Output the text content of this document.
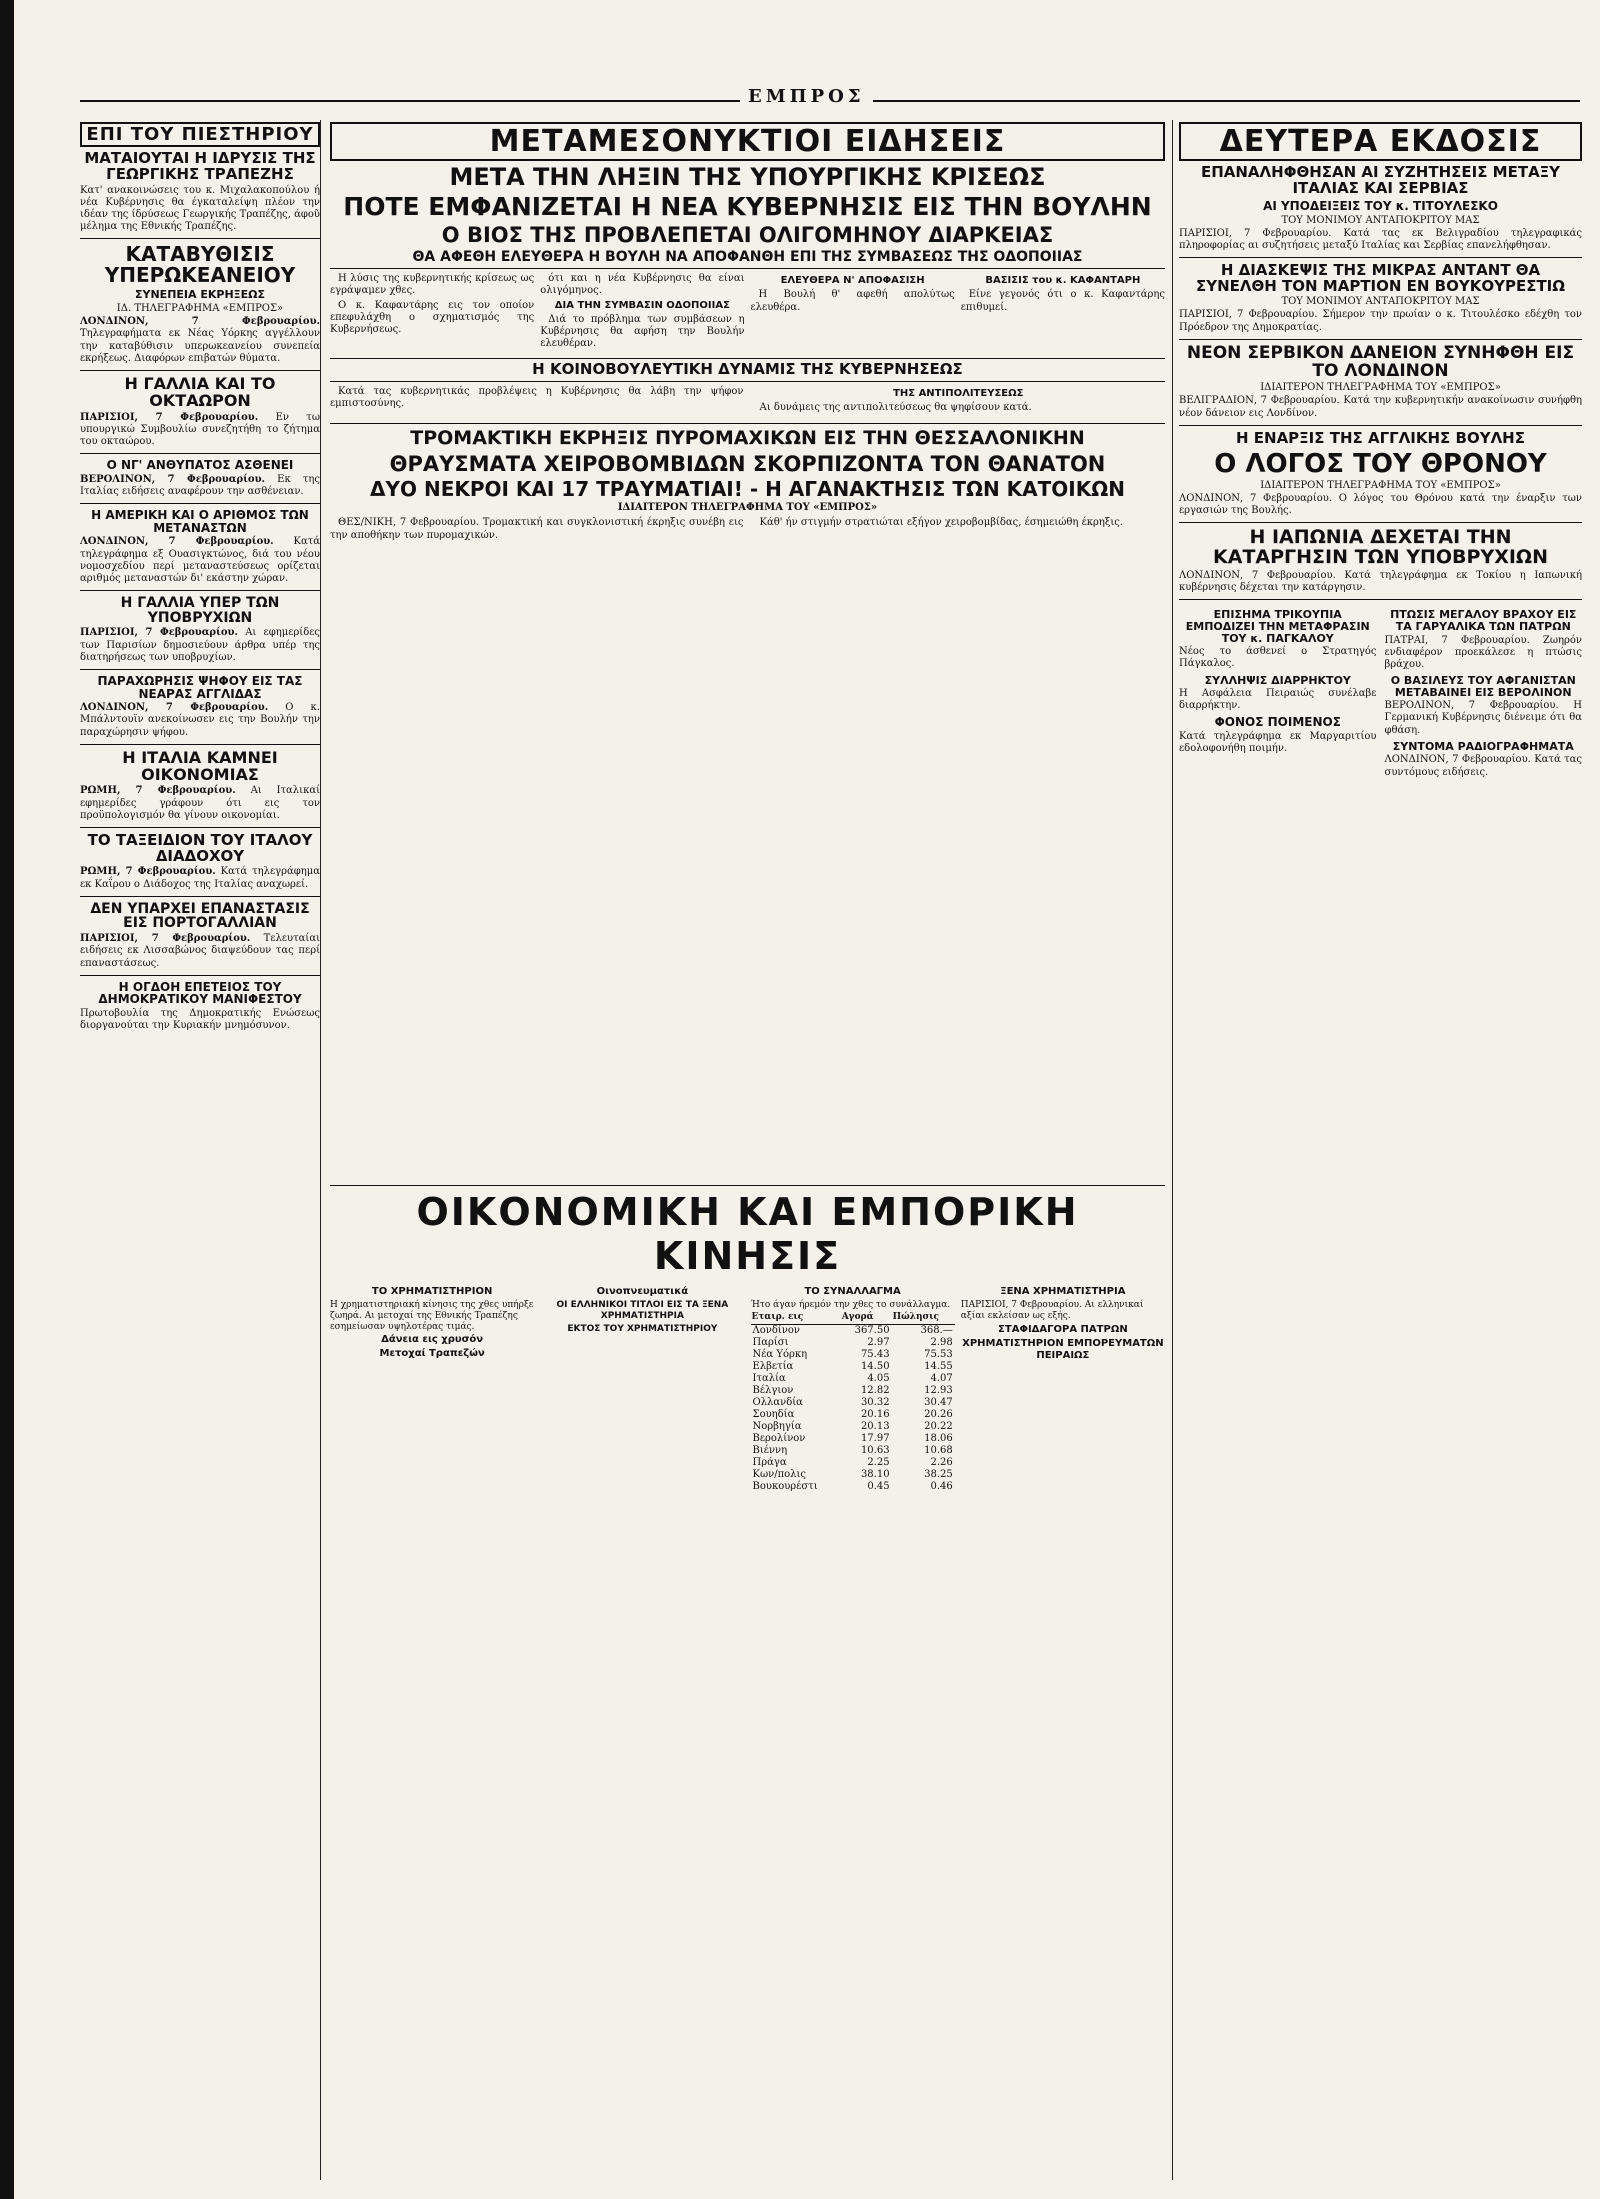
ΕΜΠΡΟΣ
ΕΠΙ ΤΟΥ ΠΙΕΣΤΗΡΙΟΥ
ΜΑΤΑΙΟΥΤΑΙ Η ΙΔΡΥΣΙΣ ΤΗΣ ΓΕΩΡΓΙΚΗΣ ΤΡΑΠΕΖΗΣ
Κατ' ανακοινώσεις του κ. Μιχαλακοπούλου ή νέα Κυβέρνησις θα έγκαταλείψη πλέον την ιδέαν της ίδρύσεως Γεωργικής Τραπέζης, άφοῦ μέλημα της Εθνικής Τραπέζης.
ΚΑΤΑΒΥΘΙΣΙΣ ΥΠΕΡΩΚΕΑΝΕΙΟΥ
ΣΥΝΕΠΕΙΑ ΕΚΡΗΞΕΩΣ
ΙΔ. ΤΗΛΕΓΡΑΦΗΜΑ «ΕΜΠΡΟΣ»
ΛΟΝΔΙΝΟΝ, 7 Φεβρουαρίου. Τηλεγραφήματα εκ Νέας Υόρκης αγγέλλουν την καταβύθισιν υπερωκεανείου συνεπεία εκρήξεως. Διαφόρων επιβατών θύματα.
Η ΓΑΛΛΙΑ ΚΑΙ ΤΟ ΟΚΤΑΩΡΟΝ
ΠΑΡΙΣΙΟΙ, 7 Φεβρουαρίου. Εν τω υπουργικώ Συμβουλίω συνεζητήθη το ζήτημα του οκταώρου.
Ο ΝΓ' ΑΝΘΥΠΑΤΟΣ ΑΣΘΕΝΕΙ
ΒΕΡΟΛΙΝΟΝ, 7 Φεβρουαρίου. Εκ της Ιταλίας ειδήσεις αναφέρουν την ασθένειαν.
Η ΑΜΕΡΙΚΗ ΚΑΙ Ο ΑΡΙΘΜΟΣ ΤΩΝ ΜΕΤΑΝΑΣΤΩΝ
ΛΟΝΔΙΝΟΝ, 7 Φεβρουαρίου. Κατά τηλεγράφημα εξ Ουασιγκτώνος, διά του νέου νομοσχεδίου περί μεταναστεύσεως ορίζεται αριθμός μεταναστών δι' εκάστην χώραν.
Η ΓΑΛΛΙΑ ΥΠΕΡ ΤΩΝ ΥΠΟΒΡΥΧΙΩΝ
ΠΑΡΙΣΙΟΙ, 7 Φεβρουαρίου. Αι εφημερίδες των Παρισίων δημοσιεύουν άρθρα υπέρ της διατηρήσεως των υποβρυχίων.
ΠΑΡΑΧΩΡΗΣΙΣ ΨΗΦΟΥ ΕΙΣ ΤΑΣ ΝΕΑΡΑΣ ΑΓΓΛΙΔΑΣ
ΛΟΝΔΙΝΟΝ, 7 Φεβρουαρίου. Ο κ. Μπάλντουϊν ανεκοίνωσεν εις την Βουλήν την παραχώρησιν ψήφου.
Η ΙΤΑΛΙΑ ΚΑΜΝΕΙ ΟΙΚΟΝΟΜΙΑΣ
ΡΩΜΗ, 7 Φεβρουαρίου. Αι Ιταλικαί εφημερίδες γράφουν ότι εις τον προϋπολογισμόν θα γίνουν οικονομίαι.
ΤΟ ΤΑΞΕΙΔΙΟΝ ΤΟΥ ΙΤΑΛΟΥ ΔΙΑΔΟΧΟΥ
ΡΩΜΗ, 7 Φεβρουαρίου. Κατά τηλεγράφημα εκ Καΐρου ο Διάδοχος της Ιταλίας αναχωρεί.
ΔΕΝ ΥΠΑΡΧΕΙ ΕΠΑΝΑΣΤΑΣΙΣ ΕΙΣ ΠΟΡΤΟΓΑΛΛΙΑΝ
ΠΑΡΙΣΙΟΙ, 7 Φεβρουαρίου. Τελευταίαι ειδήσεις εκ Λισσαβώνος διαψεύδουν τας περί επαναστάσεως.
Η ΟΓΔΟΗ ΕΠΕΤΕΙΟΣ ΤΟΥ ΔΗΜΟΚΡΑΤΙΚΟΥ ΜΑΝΙΦΕΣΤΟΥ
Πρωτοβουλία της Δημοκρατικής Ενώσεως διοργανούται την Κυριακήν μνημόσυνον.
ΜΕΤΑΜΕΣΟΝΥΚΤΙΟΙ ΕΙΔΗΣΕΙΣ
ΜΕΤΑ ΤΗΝ ΛΗΞΙΝ ΤΗΣ ΥΠΟΥΡΓΙΚΗΣ ΚΡΙΣΕΩΣ
ΠΟΤΕ ΕΜΦΑΝΙΖΕΤΑΙ Η ΝΕΑ ΚΥΒΕΡΝΗΣΙΣ ΕΙΣ ΤΗΝ ΒΟΥΛΗΝ
Ο ΒΙΟΣ ΤΗΣ ΠΡΟΒΛΕΠΕΤΑΙ ΟΛΙΓΟΜΗΝΟΥ ΔΙΑΡΚΕΙΑΣ
ΘΑ ΑΦΕΘΗ ΕΛΕΥΘΕΡΑ Η ΒΟΥΛΗ ΝΑ ΑΠΟΦΑΝΘΗ ΕΠΙ ΤΗΣ ΣΥΜΒΑΣΕΩΣ ΤΗΣ ΟΔΟΠΟΙΙΑΣ

Η λύσις της κυβερνητικής κρίσεως ως εγράψαμεν χθες.

Ο κ. Καφαντάρης εις τον οποίον επεφυλάχθη ο σχηματισμός της Κυβερνήσεως.

ότι και η νέα Κυβέρνησις θα είναι ολιγόμηνος.

ΔΙΑ ΤΗΝ ΣΥΜΒΑΣΙΝ ΟΔΟΠΟΙΙΑΣ

Διά το πρόβλημα των συμβάσεων η Κυβέρνησις θα αφήση την Βουλήν ελευθέραν.

ΕΛΕΥΘΕΡΑ Ν' ΑΠΟΦΑΣΙΣΗ

Η Βουλή θ' αφεθή απολύτως ελευθέρα.

ΒΑΣΙΣΙΣ του κ. ΚΑΦΑΝΤΑΡΗ

Είνε γεγονός ότι ο κ. Καφαντάρης επιθυμεί.

Η ΚΟΙΝΟΒΟΥΛΕΥΤΙΚΗ ΔΥΝΑΜΙΣ ΤΗΣ ΚΥΒΕΡΝΗΣΕΩΣ

Κατά τας κυβερνητικάς προβλέψεις η Κυβέρνησις θα λάβη την ψήφον εμπιστοσύνης.

ΤΗΣ ΑΝΤΙΠΟΛΙΤΕΥΣΕΩΣ

Αι δυνάμεις της αντιπολιτεύσεως θα ψηφίσουν κατά.

ΤΡΟΜΑΚΤΙΚΗ ΕΚΡΗΞΙΣ ΠΥΡΟΜΑΧΙΚΩΝ ΕΙΣ ΤΗΝ ΘΕΣΣΑΛΟΝΙΚΗΝ
ΘΡΑΥΣΜΑΤΑ ΧΕΙΡΟΒΟΜΒΙΔΩΝ ΣΚΟΡΠΙΖΟΝΤΑ ΤΟΝ ΘΑΝΑΤΟΝ
ΔΥΟ ΝΕΚΡΟΙ ΚΑΙ 17 ΤΡΑΥΜΑΤΙΑΙ! - Η ΑΓΑΝΑΚΤΗΣΙΣ ΤΩΝ ΚΑΤΟΙΚΩΝ
ΙΔΙΑΙΤΕΡΟΝ ΤΗΛΕΓΡΑΦΗΜΑ ΤΟΥ «ΕΜΠΡΟΣ»

ΘΕΣ/ΝΙΚΗ, 7 Φεβρουαρίου. Τρομακτική και συγκλονιστική έκρηξις συνέβη εις την αποθήκην των πυρομαχικών.

Κάθ' ήν στιγμήν στρατιώται εξήγον χειροβομβίδας, έσημειώθη έκρηξις.

ΟΙΚΟΝΟΜΙΚΗ ΚΑΙ ΕΜΠΟΡΙΚΗ ΚΙΝΗΣΙΣ
ΤΟ ΧΡΗΜΑΤΙΣΤΗΡΙΟΝ
Η χρηματιστηριακή κίνησις της χθες υπήρξε ζωηρά. Αι μετοχαί της Εθνικής Τραπέζης εσημείωσαν υψηλοτέρας τιμάς.
Δάνεια εις χρυσόν
Μετοχαί Τραπεζών
Οινοπνευματικά
ΟΙ ΕΛΛΗΝΙΚΟΙ ΤΙΤΛΟΙ ΕΙΣ ΤΑ ΞΕΝΑ ΧΡΗΜΑΤΙΣΤΗΡΙΑ
ΕΚΤΟΣ ΤΟΥ ΧΡΗΜΑΤΙΣΤΗΡΙΟΥ
ΤΟ ΣΥΝΑΛΛΑΓΜΑ
Ήτο άγαν ήρεμόν την χθες το συνάλλαγμα.
Εταιρ. εις	Αγορά	Πώλησις
Λονδίνον	367.50	368.—
Παρίσι	2.97	2.98
Νέα Υόρκη	75.43	75.53
Ελβετία	14.50	14.55
Ιταλία	4.05	4.07
Βέλγιον	12.82	12.93
Ολλανδία	30.32	30.47
Σουηδία	20.16	20.26
Νορβηγία	20.13	20.22
Βερολίνον	17.97	18.06
Βιέννη	10.63	10.68
Πράγα	2.25	2.26
Κων/πολις	38.10	38.25
Βουκουρέστι	0.45	0.46
ΞΕΝΑ ΧΡΗΜΑΤΙΣΤΗΡΙΑ
ΠΑΡΙΣΙΟΙ, 7 Φεβρουαρίου. Αι ελληνικαί αξίαι εκλείσαν ως εξής.
ΣΤΑΦΙΔΑΓΟΡΑ ΠΑΤΡΩΝ
ΧΡΗΜΑΤΙΣΤΗΡΙΟΝ ΕΜΠΟΡΕΥΜΑΤΩΝ ΠΕΙΡΑΙΩΣ
ΔΕΥΤΕΡΑ ΕΚΔΟΣΙΣ
ΕΠΑΝΑΛΗΦΘΗΣΑΝ ΑΙ ΣΥΖΗΤΗΣΕΙΣ ΜΕΤΑΞΥ ΙΤΑΛΙΑΣ ΚΑΙ ΣΕΡΒΙΑΣ
ΑΙ ΥΠΟΔΕΙΞΕΙΣ ΤΟΥ κ. ΤΙΤΟΥΛΕΣΚΟ
ΤΟΥ ΜΟΝΙΜΟΥ ΑΝΤΑΠΟΚΡΙΤΟΥ ΜΑΣ
ΠΑΡΙΣΙΟΙ, 7 Φεβρουαρίου. Κατά τας εκ Βελιγραδίου τηλεγραφικάς πληροφορίας αι συζητήσεις μεταξύ Ιταλίας και Σερβίας επανελήφθησαν.
Η ΔΙΑΣΚΕΨΙΣ ΤΗΣ ΜΙΚΡΑΣ ΑΝΤΑΝΤ ΘΑ ΣΥΝΕΛΘΗ ΤΟΝ ΜΑΡΤΙΟΝ ΕΝ ΒΟΥΚΟΥΡΕΣΤΙΩ
ΤΟΥ ΜΟΝΙΜΟΥ ΑΝΤΑΠΟΚΡΙΤΟΥ ΜΑΣ
ΠΑΡΙΣΙΟΙ, 7 Φεβρουαρίου. Σήμερον την πρωίαν ο κ. Τιτουλέσκο εδέχθη τον Πρόεδρον της Δημοκρατίας.
ΝΕΟΝ ΣΕΡΒΙΚΟΝ ΔΑΝΕΙΟΝ ΣΥΝΗΦΘΗ ΕΙΣ ΤΟ ΛΟΝΔΙΝΟΝ
ΙΔΙΑΙΤΕΡΟΝ ΤΗΛΕΓΡΑΦΗΜΑ ΤΟΥ «ΕΜΠΡΟΣ»
ΒΕΛΙΓΡΑΔΙΟΝ, 7 Φεβρουαρίου. Κατά την κυβερνητικήν ανακοίνωσιν συνήφθη νέον δάνειον εις Λονδίνον.
Η ΕΝΑΡΞΙΣ ΤΗΣ ΑΓΓΛΙΚΗΣ ΒΟΥΛΗΣ
Ο ΛΟΓΟΣ ΤΟΥ ΘΡΟΝΟΥ
ΙΔΙΑΙΤΕΡΟΝ ΤΗΛΕΓΡΑΦΗΜΑ ΤΟΥ «ΕΜΠΡΟΣ»
ΛΟΝΔΙΝΟΝ, 7 Φεβρουαρίου. Ο λόγος του Θρόνου κατά την έναρξιν των εργασιών της Βουλής.
Η ΙΑΠΩΝΙΑ ΔΕΧΕΤΑΙ ΤΗΝ ΚΑΤΑΡΓΗΣΙΝ ΤΩΝ ΥΠΟΒΡΥΧΙΩΝ
ΛΟΝΔΙΝΟΝ, 7 Φεβρουαρίου. Κατά τηλεγράφημα εκ Τοκίου η Ιαπωνική κυβέρνησις δέχεται την κατάργησιν.
ΕΠΙΣΗΜΑ ΤΡΙΚΟΥΠΙΑ ΕΜΠΟΔΙΖΕΙ ΤΗΝ ΜΕΤΑΦΡΑΣΙΝ ΤΟΥ κ. ΠΑΓΚΑΛΟΥ
Νέος το άσθενεί ο Στρατηγός Πάγκαλος.
ΣΥΛΛΗΨΙΣ ΔΙΑΡΡΗΚΤΟΥ
Η Ασφάλεια Πειραιώς συνέλαβε διαρρήκτην.
ΦΟΝΟΣ ΠΟΙΜΕΝΟΣ
Κατά τηλεγράφημα εκ Μαργαριτίου εδολοφονήθη ποιμήν.
ΠΤΩΣΙΣ ΜΕΓΑΛΟΥ ΒΡΑΧΟΥ ΕΙΣ ΤΑ ΓΑΡΥΑΛΙΚΑ ΤΩΝ ΠΑΤΡΩΝ
ΠΑΤΡΑΙ, 7 Φεβρουαρίου. Ζωηρόν ενδιαφέρον προεκάλεσε η πτώσις βράχου.
Ο ΒΑΣΙΛΕΥΣ ΤΟΥ ΑΦΓΑΝΙΣΤΑΝ ΜΕΤΑΒΑΙΝΕΙ ΕΙΣ ΒΕΡΟΛΙΝΟΝ
ΒΕΡΟΛΙΝΟΝ, 7 Φεβρουαρίου. Η Γερμανική Κυβέρνησις διένειμε ότι θα φθάση.
ΣΥΝΤΟΜΑ ΡΑΔΙΟΓΡΑΦΗΜΑΤΑ
ΛΟΝΔΙΝΟΝ, 7 Φεβρουαρίου. Κατά τας συντόμους ειδήσεις.
